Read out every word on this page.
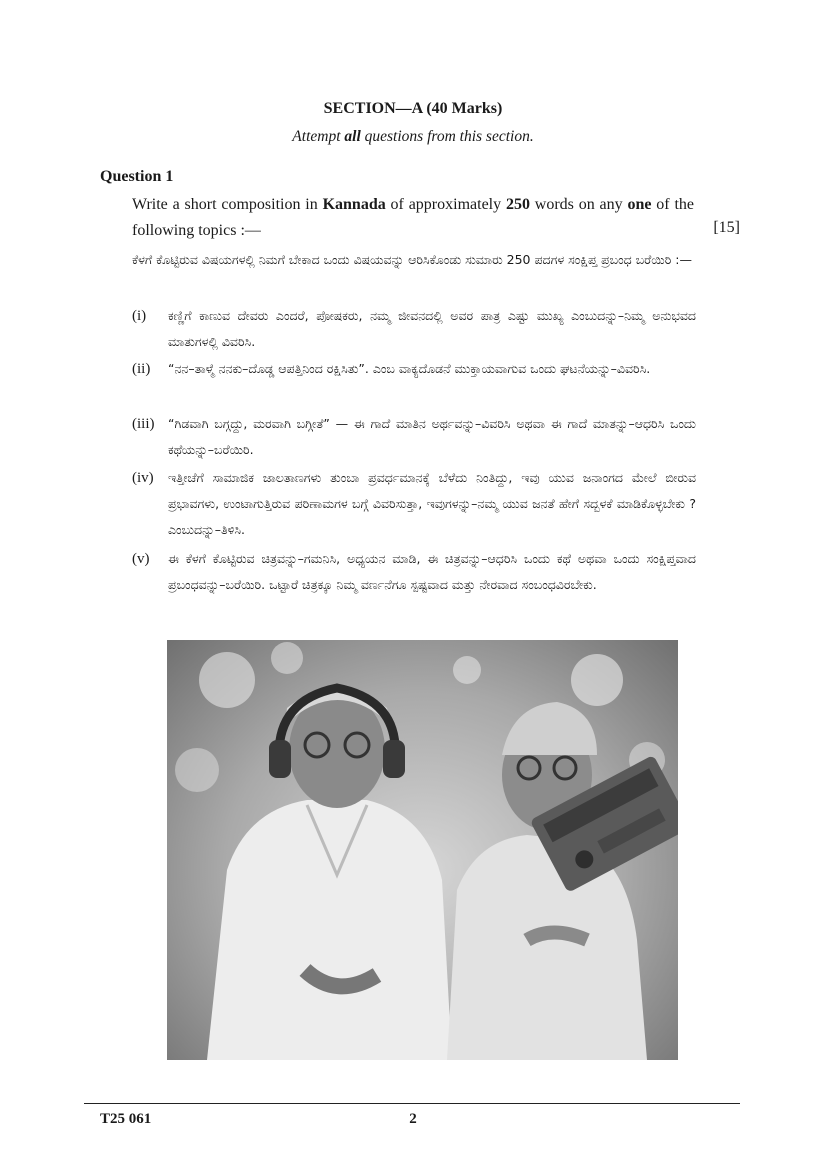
SECTION—A (40 Marks)
Attempt all questions from this section.
Question 1
Write a short composition in Kannada of approximately 250 words on any one of the following topics :—	[15]
ಕೆಳಗೆ ಕೊಟ್ಟಿರುವ ವಿಷಯಗಳಲ್ಲಿ ನಿಮಗೆ ಬೇಕಾದ ಒಂದು ವಿಷಯವನ್ನು ಆರಿಸಿಕೊಂಡು ಸುಮಾರು 250 ಪದಗಳ ಸಂಕ್ಷಿಪ್ತ ಪ್ರಬಂಧ ಬರೆಯಿರಿ :—
(i) ಕಣ್ಣಿಗೆ ಕಾಣುವ ದೇವರು ಎಂದರೆ, ಪೋಷಕರು, ನಮ್ಮ ಜೀವನದಲ್ಲಿ ಅವರ ಪಾತ್ರ ಎಷ್ಟು ಮುಖ್ಯ ಎಂಬುದನ್ನು–ನಿಮ್ಮ ಅನುಭವದ ಮಾತುಗಳಲ್ಲಿ ವಿವರಿಸಿ.
(ii) “ನನ–ತಾಳ್ಮೆ ನನಕು–ದೊಡ್ಡ ಆಪತ್ತಿನಿಂದ ರಕ್ಷಿಸಿತು”. ಎಂಬ ವಾಕ್ಯದೊಡನೆ ಮುಕ್ತಾಯವಾಗುವ ಒಂದು ಘಟನೆಯನ್ನು–ವಿವರಿಸಿ.
(iii) “ಗಿಡವಾಗಿ ಬಗ್ಗದ್ದು, ಮರವಾಗಿ ಬಗ್ಗೀತೆ” — ಈ ಗಾದೆ ಮಾತಿನ ಅರ್ಥವನ್ನು–ವಿವರಿಸಿ ಅಥವಾ ಈ ಗಾದೆ ಮಾತನ್ನು–ಆಧರಿಸಿ ಒಂದು ಕಥೆಯನ್ನು–ಬರೆಯಿರಿ.
(iv) ಇತ್ತೀಚೆಗೆ ಸಾಮಾಜಿಕ ಜಾಲತಾಣಗಳು ತುಂಬಾ ಪ್ರವರ್ಧಮಾನಕ್ಕೆ ಬೆಳೆದು ನಿಂತಿದ್ದು, ಇವು ಯುವ ಜನಾಂಗದ ಮೇಲೆ ಬೀರುವ ಪ್ರಭಾವಗಳು, ಉಂಟಾಗುತ್ತಿರುವ ಪರಿಣಾಮಗಳ ಬಗ್ಗೆ ವಿವರಿಸುತ್ತಾ, ಇವುಗಳನ್ನು–ನಮ್ಮ ಯುವ ಜನತೆ ಹೇಗೆ ಸದ್ಬಳಕೆ ಮಾಡಿಕೊಳ್ಳಬೇಕು ? ಎಂಬುದನ್ನು–ತಿಳಿಸಿ.
(v) ಈ ಕೆಳಗೆ ಕೊಟ್ಟಿರುವ ಚಿತ್ರವನ್ನು–ಗಮನಿಸಿ, ಅಧ್ಯಯನ ಮಾಡಿ, ಈ ಚಿತ್ರವನ್ನು–ಆಧರಿಸಿ ಒಂದು ಕಥೆ ಅಥವಾ ಒಂದು ಸಂಕ್ಷಿಪ್ತವಾದ ಪ್ರಬಂಧವನ್ನು–ಬರೆಯಿರಿ. ಒಟ್ಟಾರೆ ಚಿತ್ರಕ್ಕೂ ನಿಮ್ಮ ವರ್ಣನೆಗೂ ಸ್ಪಷ್ಟವಾದ ಮತ್ತು ನೇರವಾದ ಸಂಬಂಧವಿರಬೇಕು.
T25 061	2
